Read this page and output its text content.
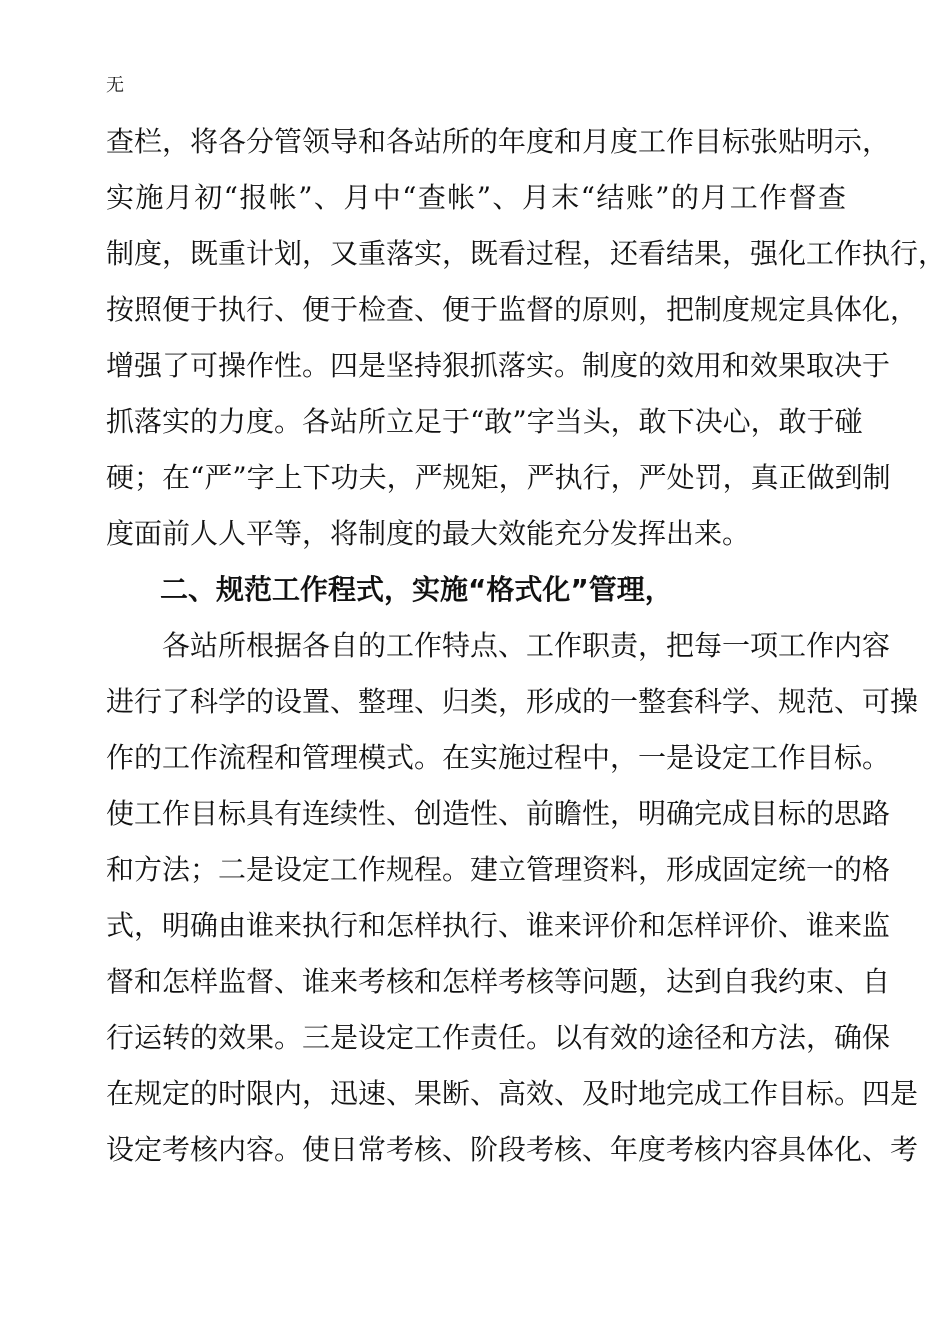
无
查栏，将各分管领导和各站所的年度和月度工作目标张贴明示，
实施月初“报帐”、月中“查帐”、月末“结账”的月工作督查
制度，既重计划，又重落实，既看过程，还看结果，强化工作执行，
按照便于执行、便于检查、便于监督的原则，把制度规定具体化，
增强了可操作性。四是坚持狠抓落实。制度的效用和效果取决于
抓落实的力度。各站所立足于“敢”字当头，敢下决心，敢于碰
硬；在“严”字上下功夫，严规矩，严执行，严处罚，真正做到制
度面前人人平等，将制度的最大效能充分发挥出来。
二、规范工作程式，实施“格式化”管理，
各站所根据各自的工作特点、工作职责，把每一项工作内容
进行了科学的设置、整理、归类，形成的一整套科学、规范、可操
作的工作流程和管理模式。在实施过程中，一是设定工作目标。
使工作目标具有连续性、创造性、前瞻性，明确完成目标的思路
和方法；二是设定工作规程。建立管理资料，形成固定统一的格
式，明确由谁来执行和怎样执行、谁来评价和怎样评价、谁来监
督和怎样监督、谁来考核和怎样考核等问题，达到自我约束、自
行运转的效果。三是设定工作责任。以有效的途径和方法，确保
在规定的时限内，迅速、果断、高效、及时地完成工作目标。四是
设定考核内容。使日常考核、阶段考核、年度考核内容具体化、考
